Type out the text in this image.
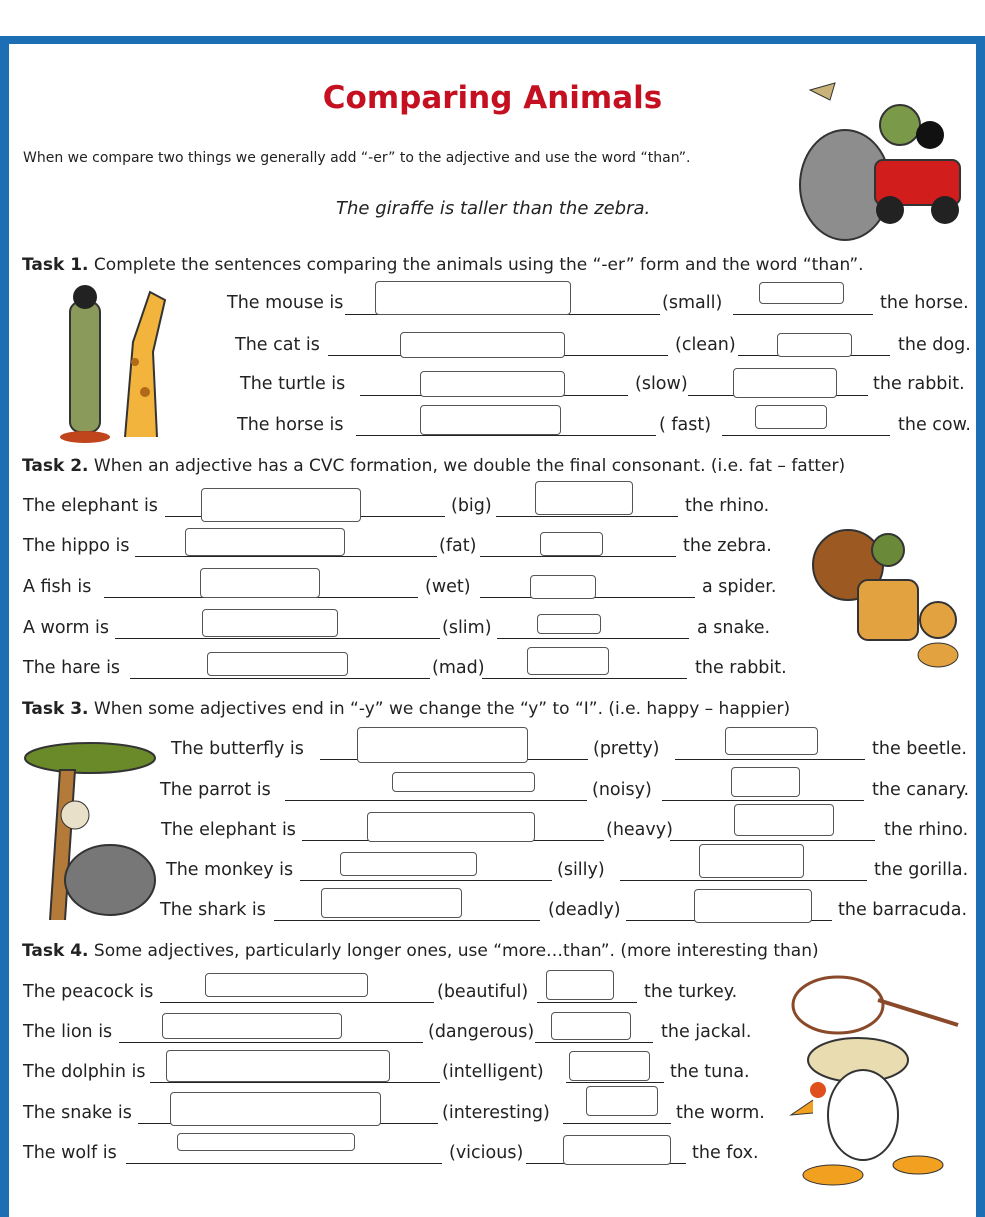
Comparing Animals
When we compare two things we generally add “-er” to the adjective and use the word “than”.
The giraffe is taller than the zebra.
Task 1. Complete the sentences comparing the animals using the “-er” form and the word “than”.
The mouse is	(small)	the horse.
The cat is	(clean)	the dog.
The turtle is	(slow)	the rabbit.
The horse is	( fast)	the cow.
Task 2. When an adjective has a CVC formation, we double the final consonant. (i.e. fat – fatter)
The elephant is	(big)	the rhino.
The hippo is	(fat)	the zebra.
A fish is	(wet)	a spider.
A worm is	(slim)	a snake.
The hare is	(mad)	the rabbit.
Task 3. When some adjectives end in “-y” we change the “y” to “I”. (i.e. happy – happier)
The butterfly is	(pretty)	the beetle.
The parrot is	(noisy)	the canary.
The elephant is	(heavy)	the rhino.
The monkey is	(silly)	the gorilla.
The shark is	(deadly)	the barracuda.
Task 4. Some adjectives, particularly longer ones, use “more…than”. (more interesting than)
The peacock is	(beautiful)	the turkey.
The lion is	(dangerous)	the jackal.
The dolphin is	(intelligent)	the tuna.
The snake is	(interesting)	the worm.
The wolf is	(vicious)	the fox.
